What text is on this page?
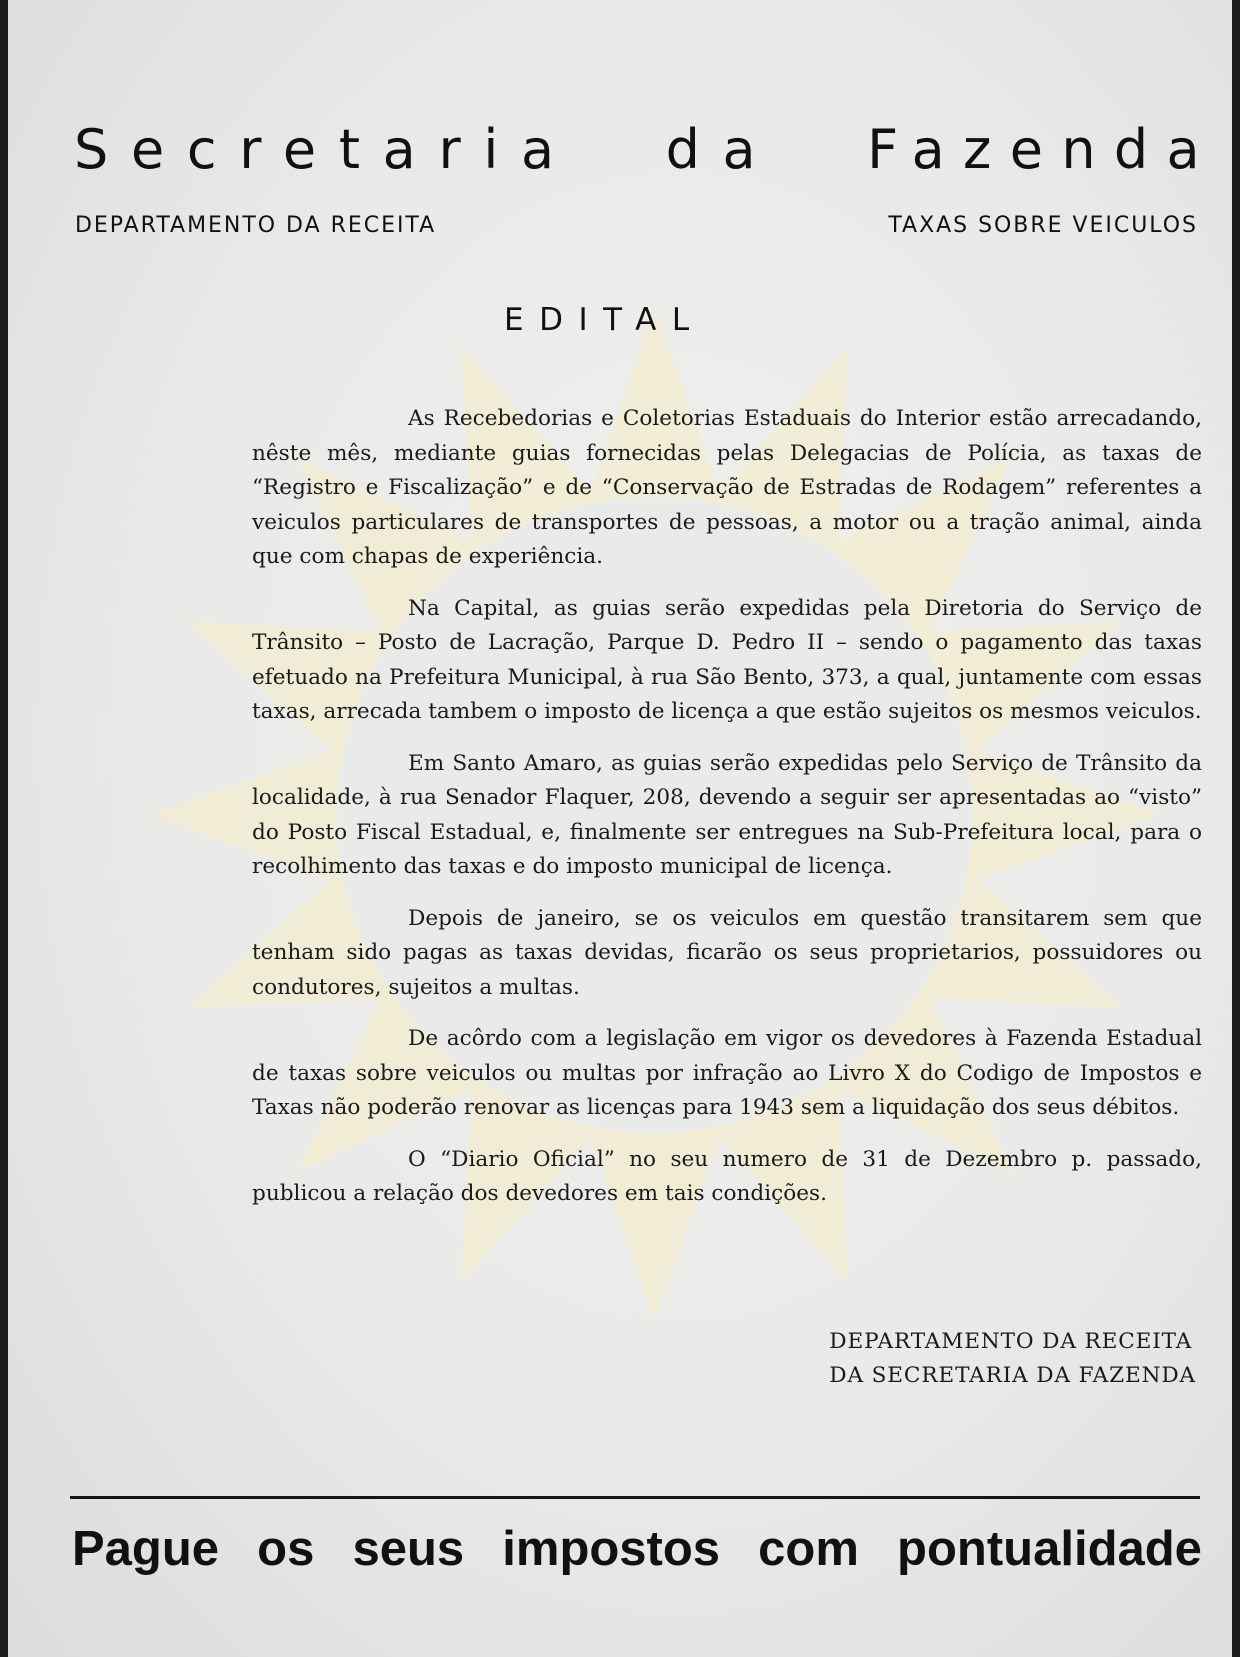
Secretaria da Fazenda

DEPARTAMENTO DA RECEITA	TAXAS SOBRE VEICULOS

EDITAL

As Recebedorias e Coletorias Estaduais do Interior estão arrecadando, nêste mês, mediante guias fornecidas pelas Delegacias de Polícia, as taxas de “Registro e Fiscalização” e de “Conservação de Estradas de Rodagem” referentes a veiculos particulares de transportes de pessoas, a motor ou a tração animal, ainda que com chapas de experiência.

Na Capital, as guias serão expedidas pela Diretoria do Serviço de Trânsito – Posto de Lacração, Parque D. Pedro II – sendo o pagamento das taxas efetuado na Prefeitura Municipal, à rua São Bento, 373, a qual, juntamente com essas taxas, arrecada tambem o imposto de licença a que estão sujeitos os mesmos veiculos.

Em Santo Amaro, as guias serão expedidas pelo Serviço de Trânsito da localidade, à rua Senador Flaquer, 208, devendo a seguir ser apresentadas ao “visto” do Posto Fiscal Estadual, e, finalmente ser entregues na Sub-Prefeitura local, para o recolhimento das taxas e do imposto municipal de licença.

Depois de janeiro, se os veiculos em questão transitarem sem que tenham sido pagas as taxas devidas, ficarão os seus proprietarios, possuidores ou condutores, sujeitos a multas.

De acôrdo com a legislação em vigor os devedores à Fazenda Estadual de taxas sobre veiculos ou multas por infração ao Livro X do Codigo de Impostos e Taxas não poderão renovar as licenças para 1943 sem a liquidação dos seus débitos.

O “Diario Oficial” no seu numero de 31 de Dezembro p. passado, publicou a relação dos devedores em tais condições.

DEPARTAMENTO DA RECEITA
DA SECRETARIA DA FAZENDA
Pague os seus impostos com pontualidade
